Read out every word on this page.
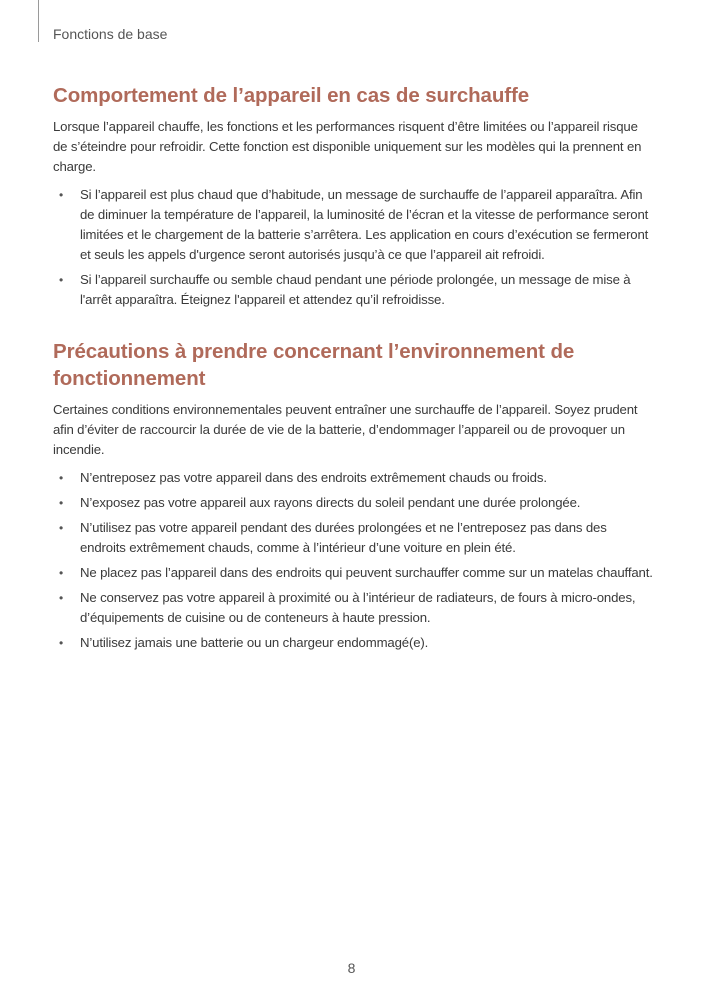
Fonctions de base
Comportement de l’appareil en cas de surchauffe

Lorsque l’appareil chauffe, les fonctions et les performances risquent d’être limitées ou l’appareil risque de s’éteindre pour refroidir. Cette fonction est disponible uniquement sur les modèles qui la prennent en charge.

• Si l’appareil est plus chaud que d’habitude, un message de surchauffe de l’appareil apparaîtra. Afin de diminuer la température de l’appareil, la luminosité de l’écran et la vitesse de performance seront limitées et le chargement de la batterie s’arrêtera. Les application en cours d’exécution se fermeront et seuls les appels d'urgence seront autorisés jusqu’à ce que l’appareil ait refroidi.
• Si l’appareil surchauffe ou semble chaud pendant une période prolongée, un message de mise à l'arrêt apparaîtra. Éteignez l'appareil et attendez qu’il refroidisse.
Précautions à prendre concernant l’environnement de fonctionnement

Certaines conditions environnementales peuvent entraîner une surchauffe de l’appareil. Soyez prudent afin d’éviter de raccourcir la durée de vie de la batterie, d’endommager l’appareil ou de provoquer un incendie.

• N’entreposez pas votre appareil dans des endroits extrêmement chauds ou froids.
• N’exposez pas votre appareil aux rayons directs du soleil pendant une durée prolongée.
• N’utilisez pas votre appareil pendant des durées prolongées et ne l’entreposez pas dans des endroits extrêmement chauds, comme à l’intérieur d’une voiture en plein été.
• Ne placez pas l’appareil dans des endroits qui peuvent surchauffer comme sur un matelas chauffant.
• Ne conservez pas votre appareil à proximité ou à l’intérieur de radiateurs, de fours à micro-ondes, d’équipements de cuisine ou de conteneurs à haute pression.
• N’utilisez jamais une batterie ou un chargeur endommagé(e).
8
